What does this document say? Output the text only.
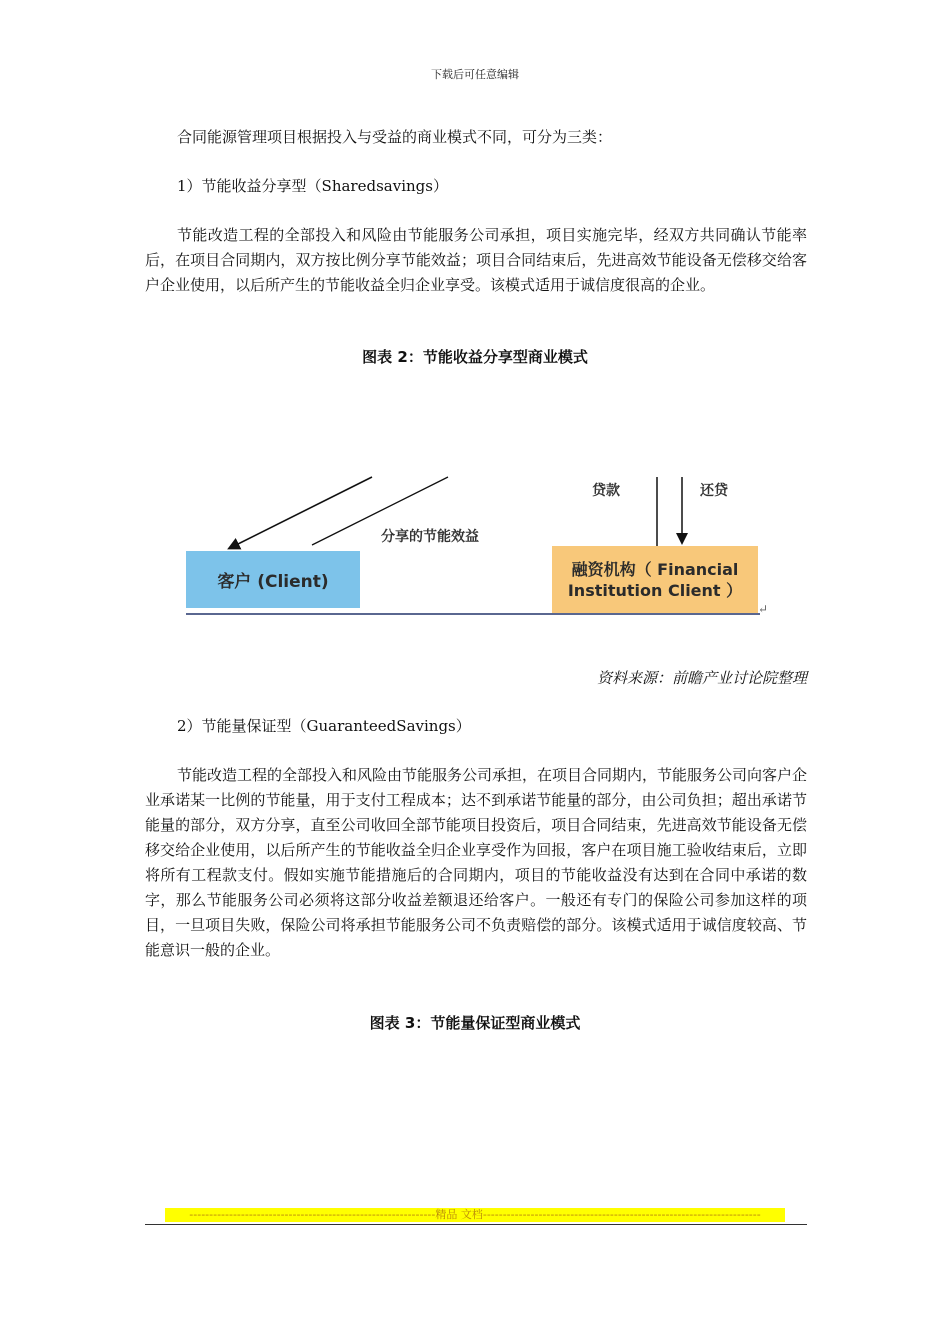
下载后可任意编辑
合同能源管理项目根据投入与受益的商业模式不同，可分为三类：
1）节能收益分享型（Sharedsavings）
节能改造工程的全部投入和风险由节能服务公司承担，项目实施完毕，经双方共同确认节能率后，在项目合同期内，双方按比例分享节能效益；项目合同结束后，先进高效节能设备无偿移交给客户企业使用，以后所产生的节能收益全归企业享受。该模式适用于诚信度很高的企业。
图表 2：节能收益分享型商业模式
客户 (Client)
融资机构（ Financial
Institution Client ）
分享的节能效益
贷款	还贷
↵
资料来源：前瞻产业讨论院整理
2）节能量保证型（GuaranteedSavings）
节能改造工程的全部投入和风险由节能服务公司承担，在项目合同期内，节能服务公司向客户企业承诺某一比例的节能量，用于支付工程成本；达不到承诺节能量的部分，由公司负担；超出承诺节能量的部分，双方分享，直至公司收回全部节能项目投资后，项目合同结束，先进高效节能设备无偿移交给企业使用，以后所产生的节能收益全归企业享受作为回报，客户在项目施工验收结束后，立即将所有工程款支付。假如实施节能措施后的合同期内，项目的节能收益没有达到在合同中承诺的数字，那么节能服务公司必须将这部分收益差额退还给客户。一般还有专门的保险公司参加这样的项目，一旦项目失败，保险公司将承担节能服务公司不负责赔偿的部分。该模式适用于诚信度较高、节能意识一般的企业。
图表 3：节能量保证型商业模式
--------------------------------------------------------------精品 文档----------------------------------------------------------------------
